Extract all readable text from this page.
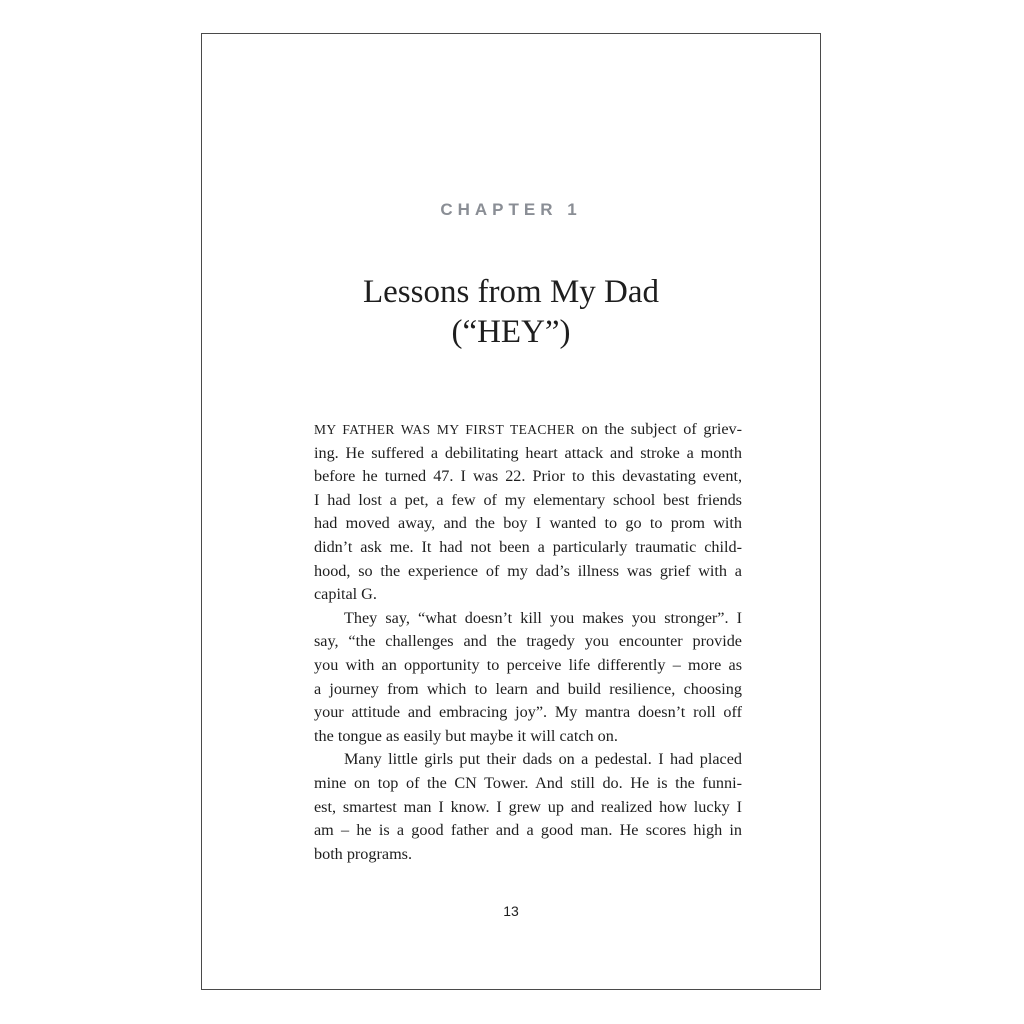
CHAPTER 1
Lessons from My Dad
(“HEY”)
MY FATHER WAS MY FIRST TEACHER on the subject of griev-
ing. He suffered a debilitating heart attack and stroke a month
before he turned 47. I was 22. Prior to this devastating event,
I had lost a pet, a few of my elementary school best friends
had moved away, and the boy I wanted to go to prom with
didn’t ask me. It had not been a particularly traumatic child-
hood, so the experience of my dad’s illness was grief with a
capital G.
They say, “what doesn’t kill you makes you stronger”. I
say, “the challenges and the tragedy you encounter provide
you with an opportunity to perceive life differently – more as
a journey from which to learn and build resilience, choosing
your attitude and embracing joy”. My mantra doesn’t roll off
the tongue as easily but maybe it will catch on.
Many little girls put their dads on a pedestal. I had placed
mine on top of the CN Tower. And still do. He is the funni-
est, smartest man I know. I grew up and realized how lucky I
am – he is a good father and a good man. He scores high in
both programs.
13
